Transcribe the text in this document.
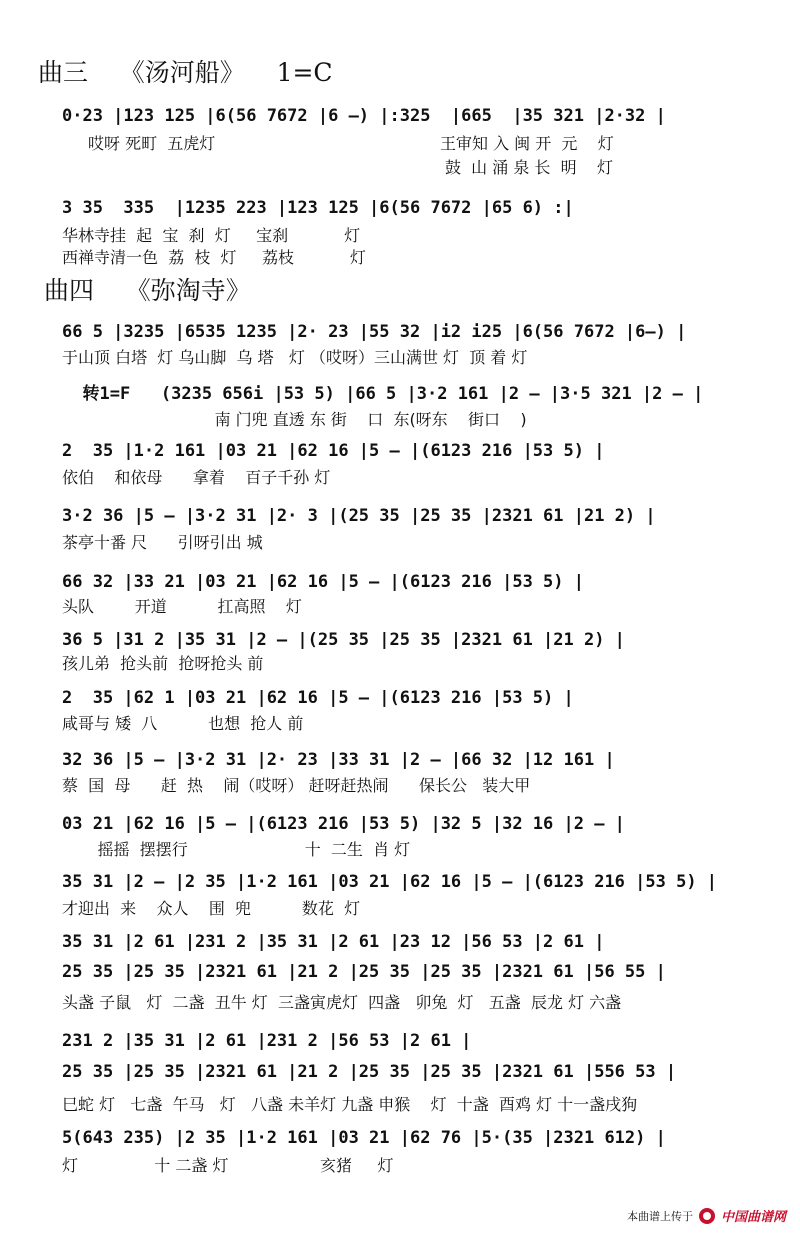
曲三    《汤河船》    1=C
0·23 |123 125 |6(56 7672 |6 –) |:325  |665  |35 321 |2·32 |
哎呀 死町  五虎灯	王审知 入 闽 开  元    灯
鼓  山 涌 泉 长  明    灯
3 35  335  |1235 223 |123 125 |6(56 7672 |65 6) :|
华林寺挂  起  宝  刹  灯     宝刹           灯
西禅寺清一色  荔  枝  灯     荔枝           灯
曲四    《弥淘寺》
66 5 |3235 |6535 1235 |2· 23 |55 32 |i2 i25 |6(56 7672 |6–) |
于山顶 白塔  灯 乌山脚  乌 塔   灯 （哎呀）三山满世 灯  顶 着 灯
转1=F   (3235 656i |53 5) |66 5 |3·2 161 |2 – |3·5 321 |2 – |
南 门兜 直透 东 街    口  东(呀东    街口    )
2  35 |1·2 161 |03 21 |62 16 |5 – |(6123 216 |53 5) |
依伯    和依母      拿着    百子千孙 灯
3·2 36 |5 – |3·2 31 |2· 3 |(25 35 |25 35 |2321 61 |21 2) |
茶亭十番 尺      引呀引出 城
66 32 |33 21 |03 21 |62 16 |5 – |(6123 216 |53 5) |
头队        开道          扛高照    灯
36 5 |31 2 |35 31 |2 – |(25 35 |25 35 |2321 61 |21 2) |
孩儿弟  抢头前  抢呀抢头 前
2  35 |62 1 |03 21 |62 16 |5 – |(6123 216 |53 5) |
咸哥与 矮  八          也想  抢人 前
32 36 |5 – |3·2 31 |2· 23 |33 31 |2 – |66 32 |12 161 |
蔡  国  母      赶  热    闹（哎呀） 赶呀赶热闹      保长公   装大甲
03 21 |62 16 |5 – |(6123 216 |53 5) |32 5 |32 16 |2 – |
摇摇  摆摆行                       十  二生  肖 灯
35 31 |2 – |2 35 |1·2 161 |03 21 |62 16 |5 – |(6123 216 |53 5) |
才迎出  来    众人    围  兜          数花  灯
35 31 |2 61 |231 2 |35 31 |2 61 |23 12 |56 53 |2 61 |
25 35 |25 35 |2321 61 |21 2 |25 35 |25 35 |2321 61 |56 55 |
头盏 子鼠   灯  二盏  丑牛 灯  三盏寅虎灯  四盏   卯兔  灯   五盏  辰龙 灯 六盏
231 2 |35 31 |2 61 |231 2 |56 53 |2 61 |
25 35 |25 35 |2321 61 |21 2 |25 35 |25 35 |2321 61 |556 53 |
巳蛇 灯   七盏  午马   灯   八盏 未羊灯 九盏 申猴    灯  十盏  酉鸡 灯 十一盏戌狗
5(643 235) |2 35 |1·2 161 |03 21 |62 76 |5·(35 |2321 612) |
灯               十 二盏 灯                  亥猪     灯
本曲谱上传于 中国曲谱网
